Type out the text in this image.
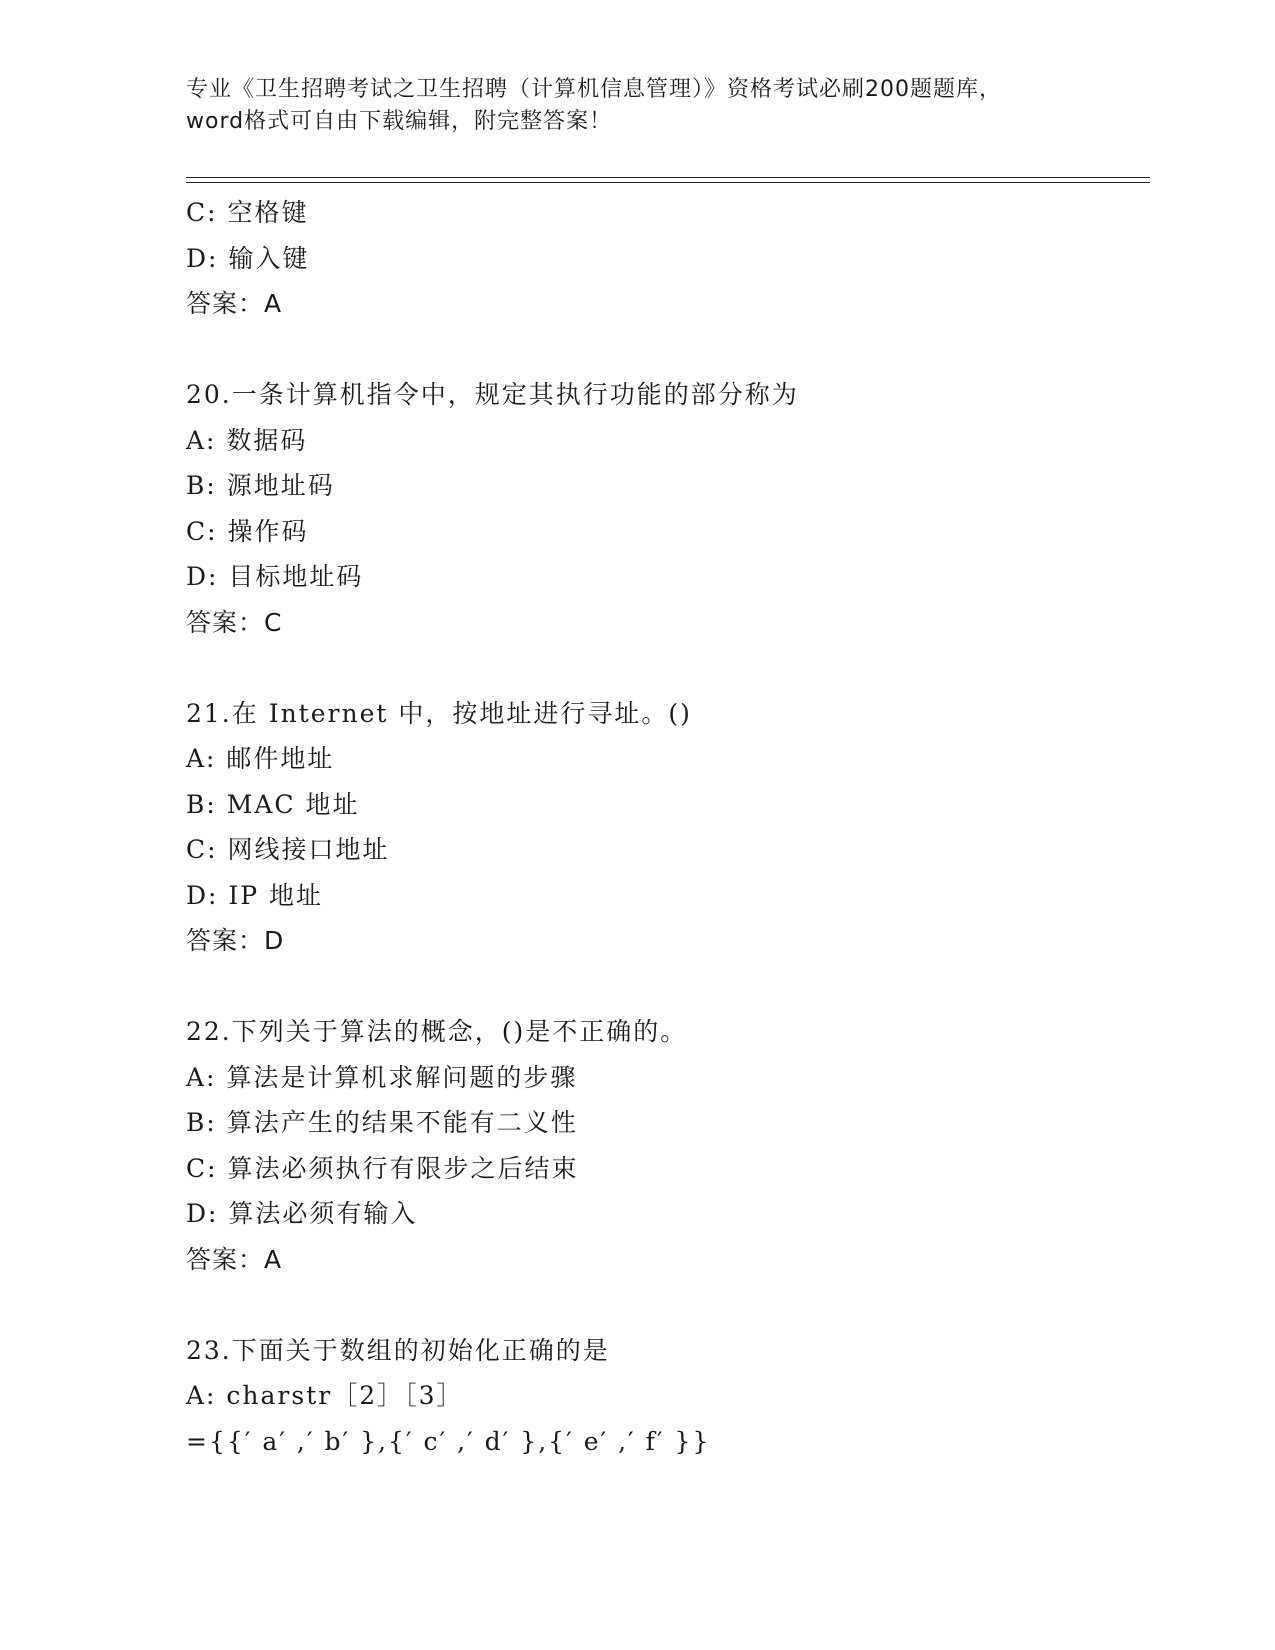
专业《卫生招聘考试之卫生招聘（计算机信息管理）》资格考试必刷200题题库，
word格式可自由下载编辑，附完整答案！
C: 空格键
D: 输入键
答案：A
20.一条计算机指令中，规定其执行功能的部分称为
A: 数据码
B: 源地址码
C: 操作码
D: 目标地址码
答案：C
21.在 Internet 中，按地址进行寻址。()
A: 邮件地址
B: MAC 地址
C: 网线接口地址
D: IP 地址
答案：D
22.下列关于算法的概念，()是不正确的。
A: 算法是计算机求解问题的步骤
B: 算法产生的结果不能有二义性
C: 算法必须执行有限步之后结束
D: 算法必须有输入
答案：A
23.下面关于数组的初始化正确的是
A: charstr［2］［3］
={{′ a′ ,′ b′ },{′ c′ ,′ d′ },{′ e′ ,′ f′ }}
